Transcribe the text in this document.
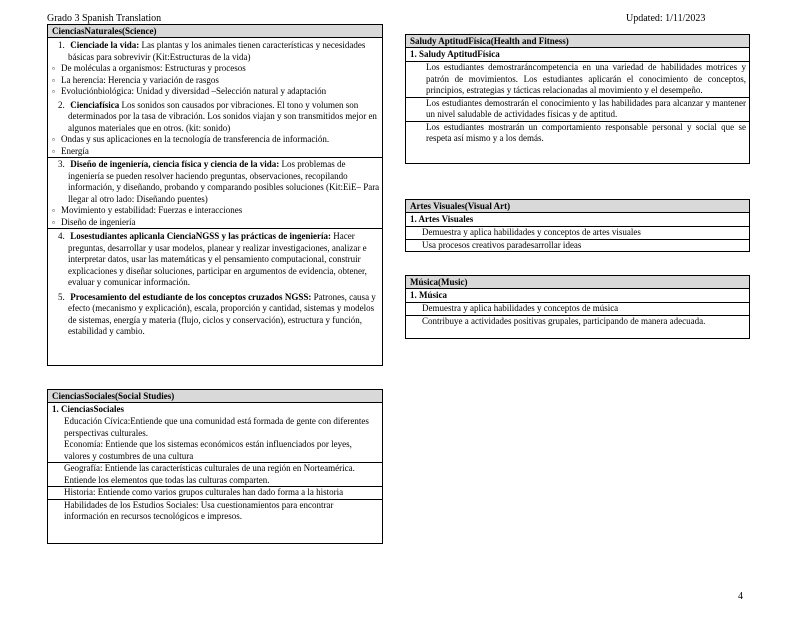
Grado 3 Spanish Translation	Updated: 1/11/2023
CienciasNaturales(Science)
1. Cienciade la vida: Las plantas y los animales tienen características y necesidades básicas para sobrevivir (Kit:Estructuras de la vida)
▫ De moléculas a organismos: Estructuras y procesos
▫ La herencia: Herencia y variación de rasgos
▫ Evoluciónbiológica: Unidad y diversidad –Selección natural y adaptación
2. Cienciafísica Los sonidos son causados por vibraciones. El tono y volumen son determinados por la tasa de vibración. Los sonidos viajan y son transmitidos mejor en algunos materiales que en otros. (kit: sonido)
▫ Ondas y sus aplicaciones en la tecnología de transferencia de información.
▫ Energía
3. Diseño de ingeniería, ciencia física y ciencia de la vida: Los problemas de ingeniería se pueden resolver haciendo preguntas, observaciones, recopilando información, y diseñando, probando y comparando posibles soluciones (Kit:EiE– Para llegar al otro lado: Diseñando puentes)
▫ Movimiento y estabilidad: Fuerzas e interacciones
▫ Diseño de ingeniería
4. Losestudiantes aplicanla CienciaNGSS y las prácticas de ingeniería: Hacer preguntas, desarrollar y usar modelos, planear y realizar investigaciones, analizar e interpretar datos, usar las matemáticas y el pensamiento computacional, construir explicaciones y diseñar soluciones, participar en argumentos de evidencia, obtener, evaluar y comunicar información.
5. Procesamiento del estudiante de los conceptos cruzados NGSS: Patrones, causa y efecto (mecanismo y explicación), escala, proporción y cantidad, sistemas y modelos de sistemas, energía y materia (flujo, ciclos y conservación), estructura y función, estabilidad y cambio.
Saludy AptitudFísica(Health and Fitness)
1. Saludy AptitudFísica
Los estudiantes demostraráncompetencia en una variedad de habilidades motrices y patrón de movimientos. Los estudiantes aplicarán el conocimiento de conceptos, principios, estrategias y tácticas relacionadas al movimiento y el desempeño.
Los estudiantes demostrarán el conocimiento y las habilidades para alcanzar y mantener un nivel saludable de actividades físicas y de aptitud.
Los estudiantes mostrarán un comportamiento responsable personal y social que se respeta así mismo y a los demás.
Artes Visuales(Visual Art)
1. Artes Visuales
Demuestra y aplica habilidades y conceptos de artes visuales
Usa procesos creativos paradesarrollar ideas
Música(Music)
1. Música
Demuestra y aplica habilidades y conceptos de música
Contribuye a actividades positivas grupales, participando de manera adecuada.
CienciasSociales(Social Studies)
1. CienciasSociales
Educación Cívica:Entiende que una comunidad está formada de gente con diferentes perspectivas culturales.
Economía: Entiende que los sistemas económicos están influenciados por leyes, valores y costumbres de una cultura
Geografía: Entiende las características culturales de una región en Norteamérica. Entiende los elementos que todas las culturas comparten.
Historia: Entiende como varios grupos culturales han dado forma a la historia
Habilidades de los Estudios Sociales: Usa cuestionamientos para encontrar información en recursos tecnológicos e impresos.
4
